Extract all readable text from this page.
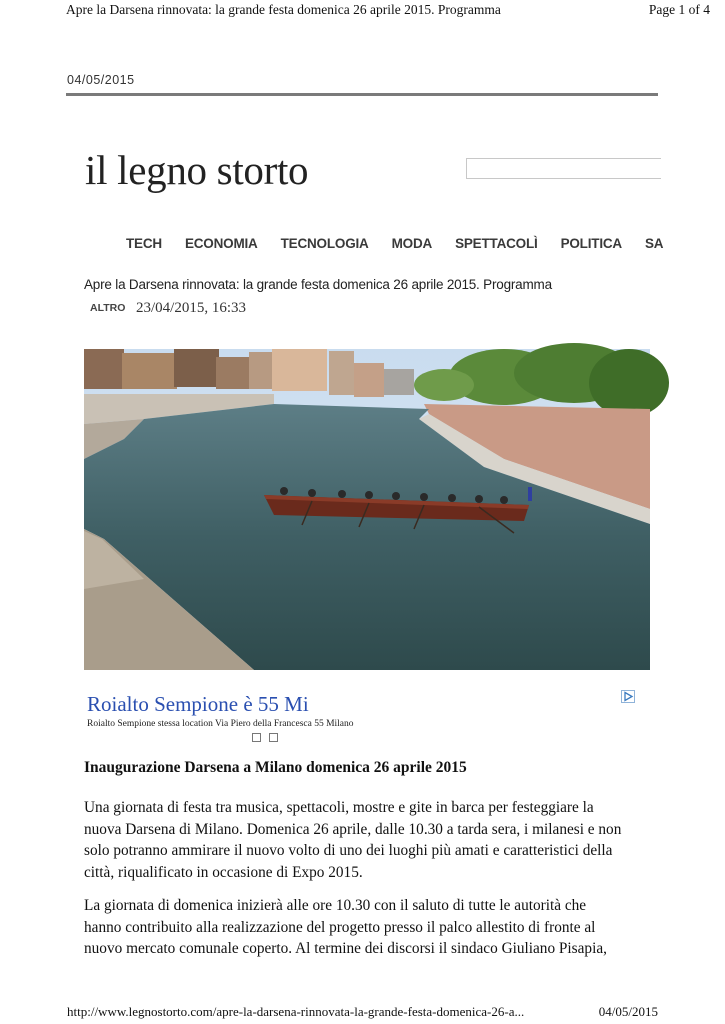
Apre la Darsena rinnovata: la grande festa domenica 26 aprile 2015. Programma	Page 1 of 4
04/05/2015
il legno storto
TECH ECONOMIA TECNOLOGIA MODA SPETTACOLÌ POLITICA SA
Apre la Darsena rinnovata: la grande festa domenica 26 aprile 2015. Programma
ALTRO 23/04/2015, 16:33
Roialto Sempione è 55 Mi
Roialto Sempione stessa location Via Piero della Francesca 55 Milano
Inaugurazione Darsena a Milano domenica 26 aprile 2015
Una giornata di festa tra musica, spettacoli, mostre e gite in barca per festeggiare la
nuova Darsena di Milano. Domenica 26 aprile, dalle 10.30 a tarda sera, i milanesi e non
solo potranno ammirare il nuovo volto di uno dei luoghi più amati e caratteristici della
città, riqualificato in occasione di Expo 2015.
La giornata di domenica inizierà alle ore 10.30 con il saluto di tutte le autorità che
hanno contribuito alla realizzazione del progetto presso il palco allestito di fronte al
nuovo mercato comunale coperto. Al termine dei discorsi il sindaco Giuliano Pisapia,
http://www.legnostorto.com/apre-la-darsena-rinnovata-la-grande-festa-domenica-26-a...	04/05/2015
